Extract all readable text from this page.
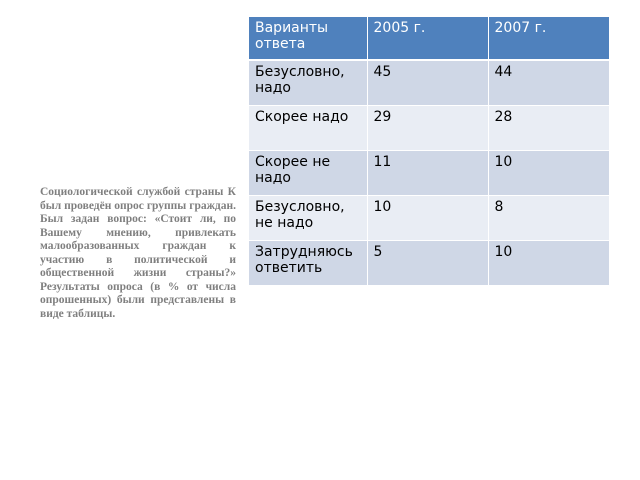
Социологической службой страны К был проведён опрос группы граждан. Был задан вопрос: «Стоит ли, по Вашему мнению, привлекать малообразованных граждан к участию в политической и общественной жизни страны?» Результаты опроса (в % от числа опрошенных) были представлены в виде таблицы.

Варианты ответа	2005 г.	2007 г.
Безусловно, надо	45	44
Скорее надо	29	28
Скорее не надо	11	10
Безусловно, не надо	10	8
Затрудняюсь ответить	5	10
